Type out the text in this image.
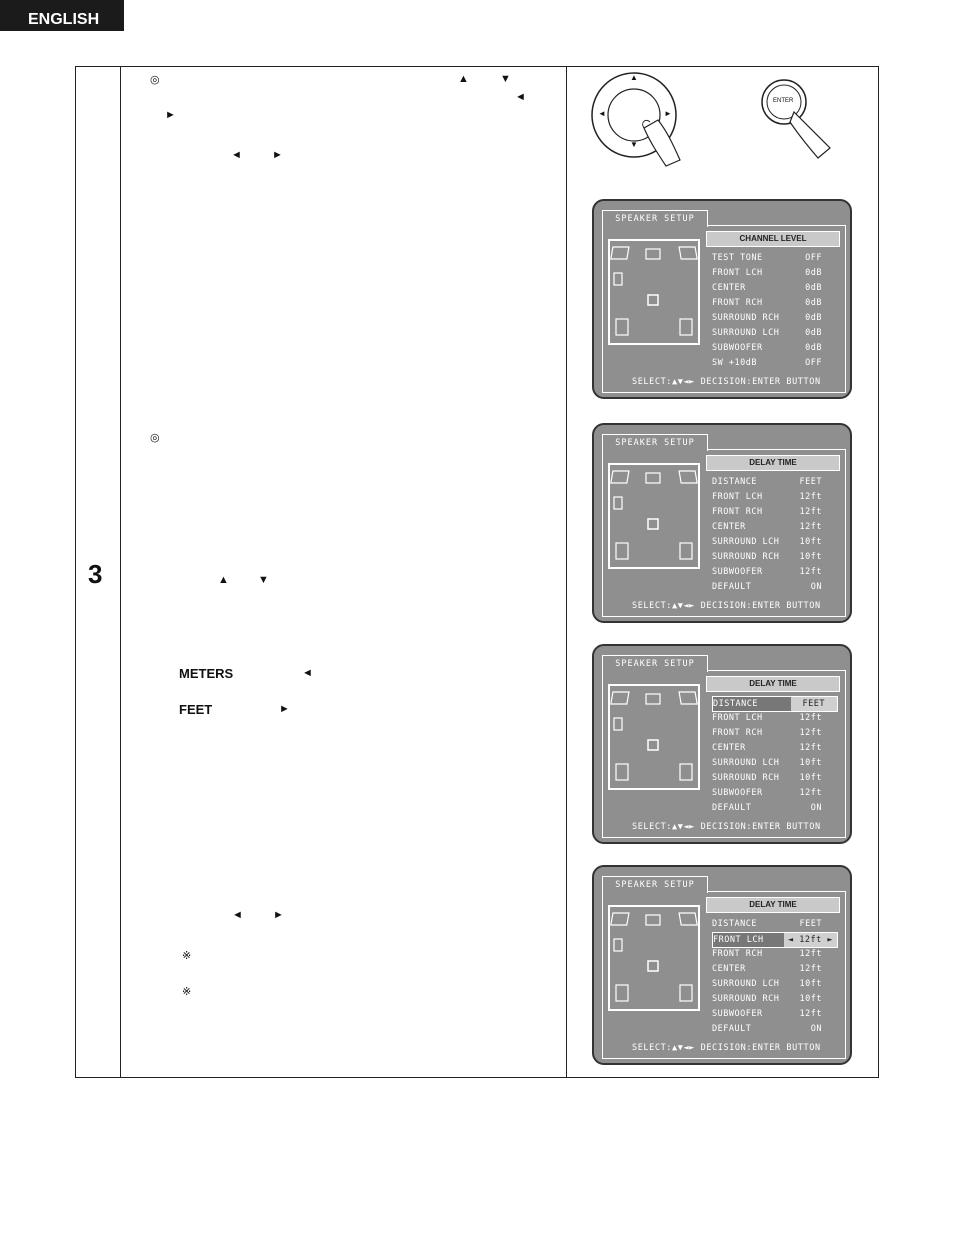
ENGLISH
3
◎	▲	▼
◄
►
◄	►
◎
▲	▼
METERS	◄
FEET	►
◄	►
※
※
▲
▼
◄	►
ENTER
SPEAKER SETUP
CHANNEL LEVEL
TEST TONE	OFF
FRONT LCH	0dB
CENTER	0dB
FRONT RCH	0dB
SURROUND RCH	0dB
SURROUND LCH	0dB
SUBWOOFER	0dB
SW +10dB	OFF
SELECT:▲▼◄► DECISION:ENTER BUTTON
SPEAKER SETUP
DELAY TIME
DISTANCE	FEET
FRONT LCH	12ft
FRONT RCH	12ft
CENTER	12ft
SURROUND LCH 10ft
SURROUND RCH 10ft
SUBWOOFER	12ft
DEFAULT	ON
SELECT:▲▼◄► DECISION:ENTER BUTTON
SPEAKER SETUP
DELAY TIME
DISTANCE	FEET
FRONT LCH	12ft
FRONT RCH	12ft
CENTER	12ft
SURROUND LCH 10ft
SURROUND RCH 10ft
SUBWOOFER	12ft
DEFAULT	ON
SELECT:▲▼◄► DECISION:ENTER BUTTON
SPEAKER SETUP
DELAY TIME
DISTANCE	FEET
FRONT LCH	◄ 12ft ►
FRONT RCH	12ft
CENTER	12ft
SURROUND LCH 10ft
SURROUND RCH 10ft
SUBWOOFER	12ft
DEFAULT	ON
SELECT:▲▼◄► DECISION:ENTER BUTTON
